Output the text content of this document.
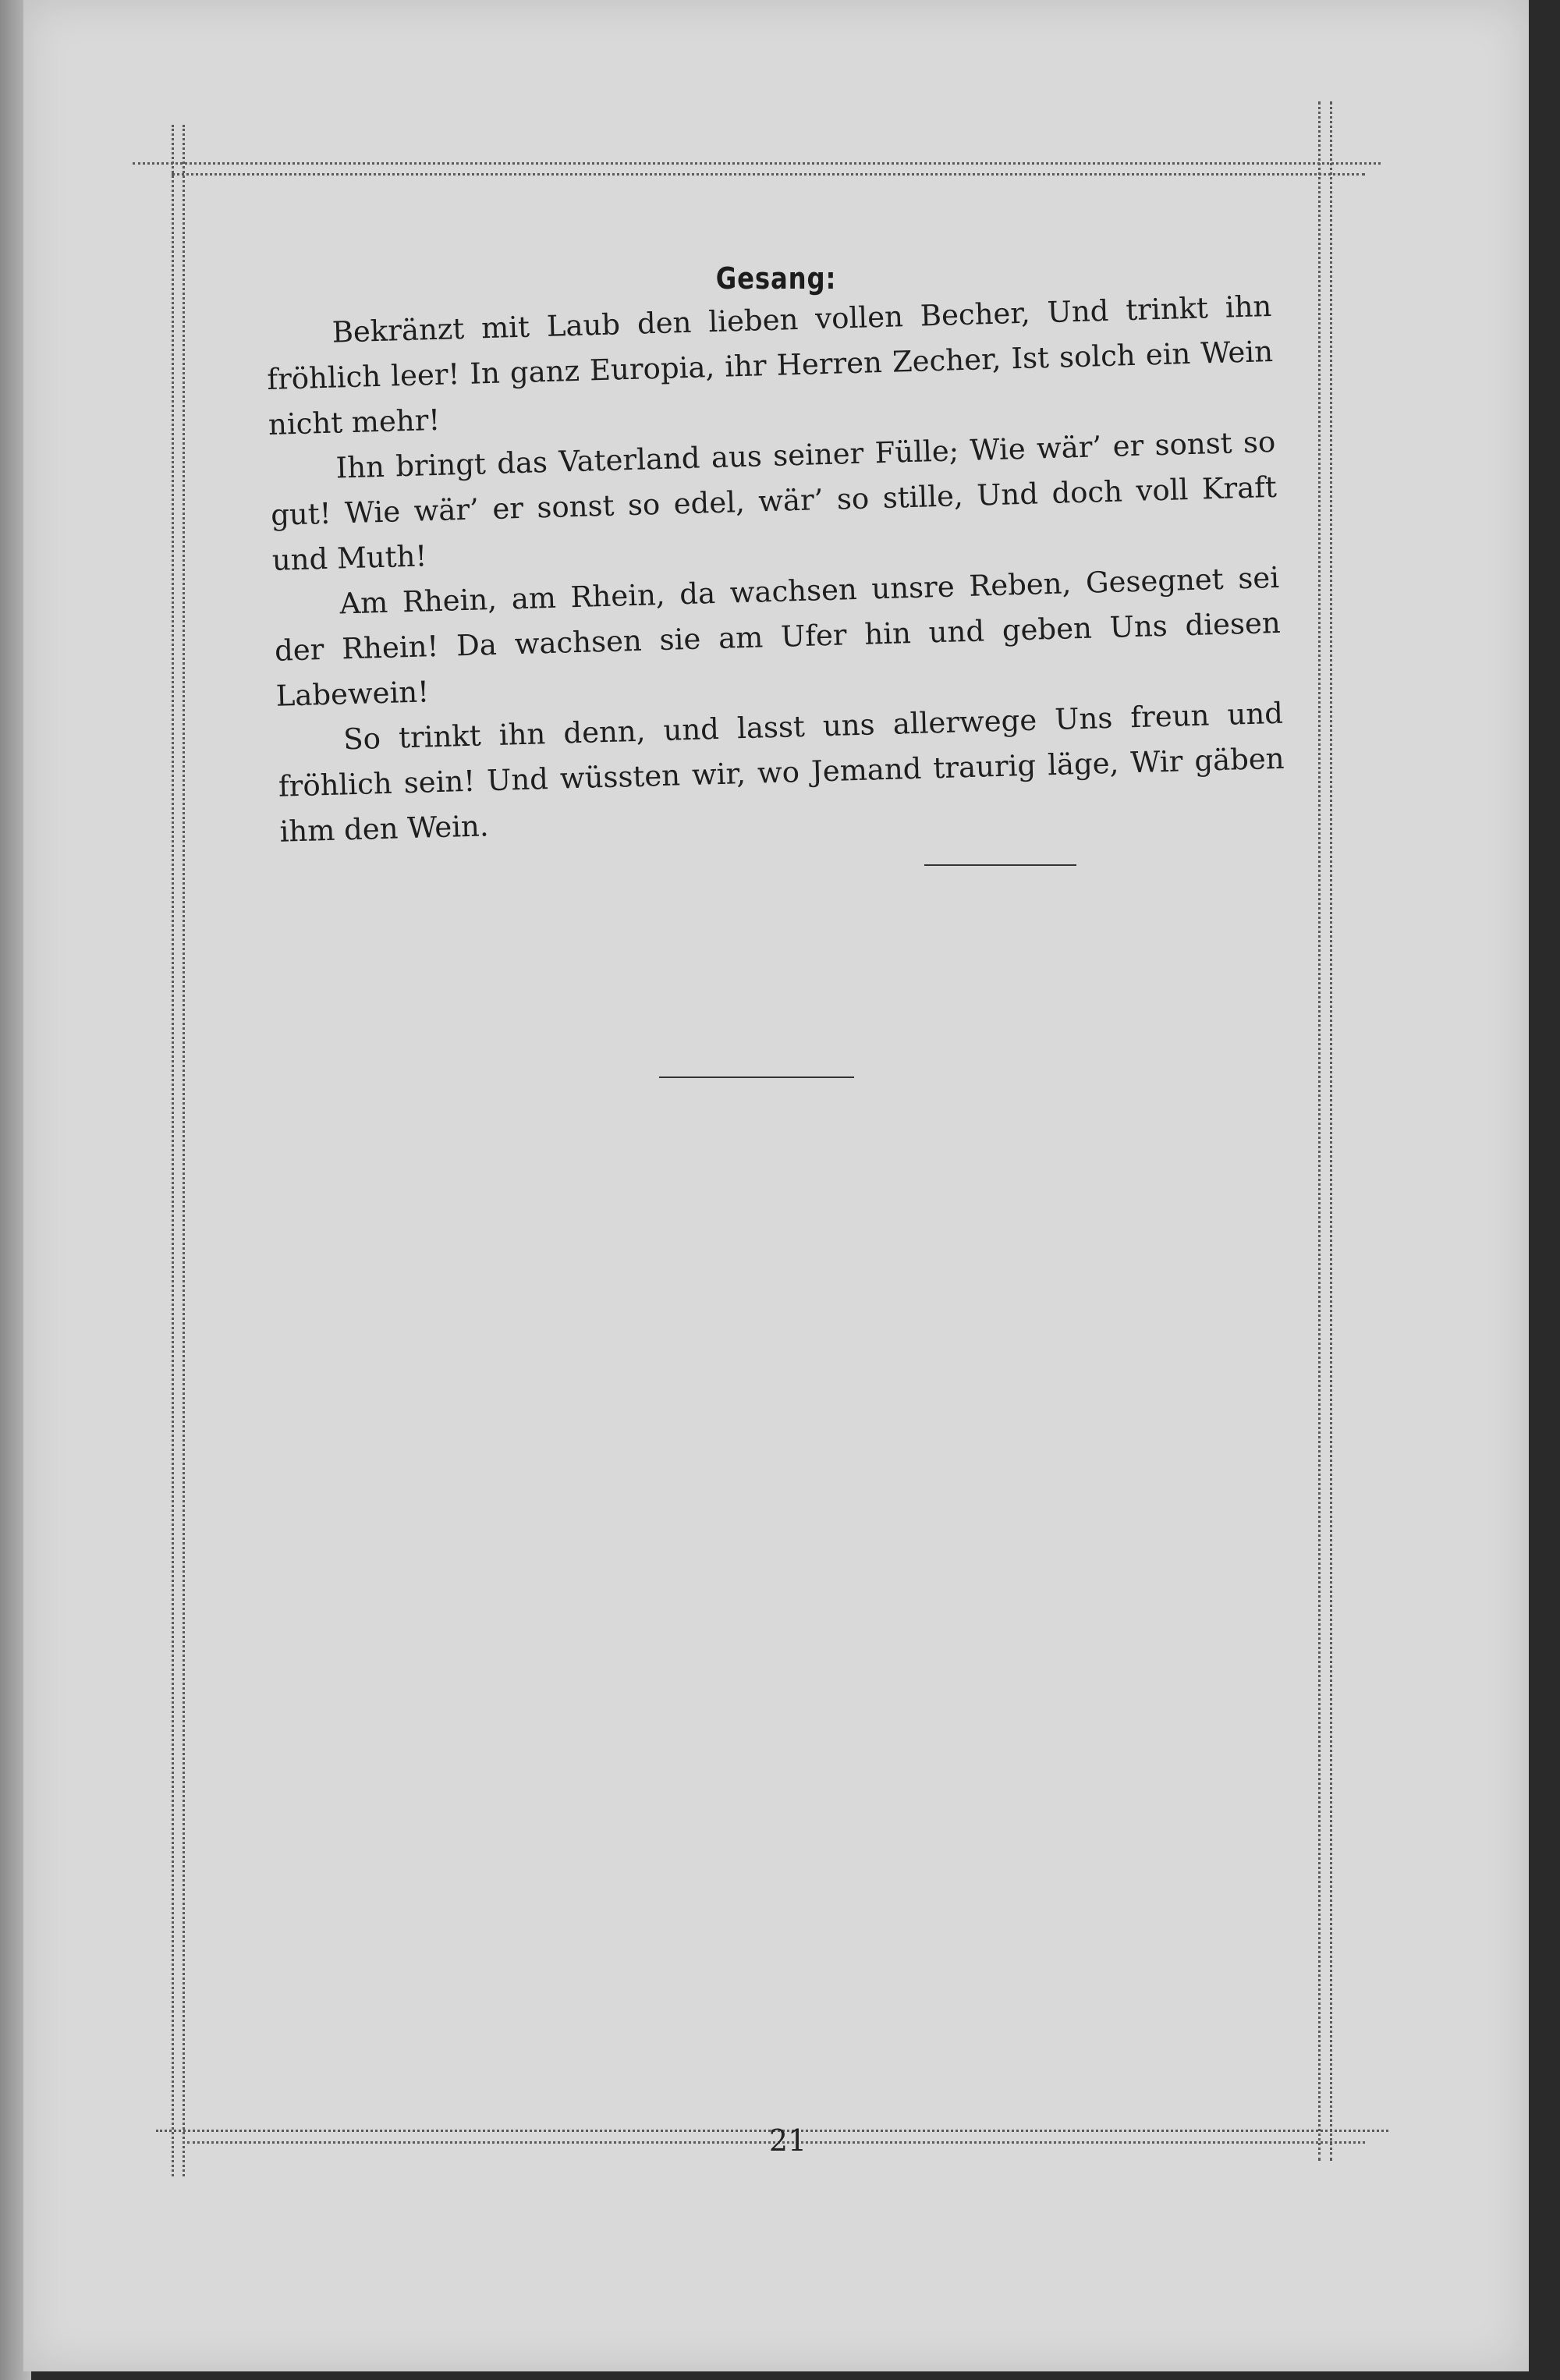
Gesang:

Bekränzt mit Laub den lieben vollen Becher, Und trinkt ihn fröhlich leer! In ganz Europia, ihr Herren Zecher, Ist solch ein Wein nicht mehr!

Ihn bringt das Vaterland aus seiner Fülle; Wie wär’ er sonst so gut! Wie wär’ er sonst so edel, wär’ so stille, Und doch voll Kraft und Muth!

Am Rhein, am Rhein, da wachsen unsre Reben, Gesegnet sei der Rhein! Da wachsen sie am Ufer hin und geben Uns diesen Labewein!

So trinkt ihn denn, und lasst uns allerwege Uns freun und fröhlich sein! Und wüssten wir, wo Jemand traurig läge, Wir gäben ihm den Wein.

21
